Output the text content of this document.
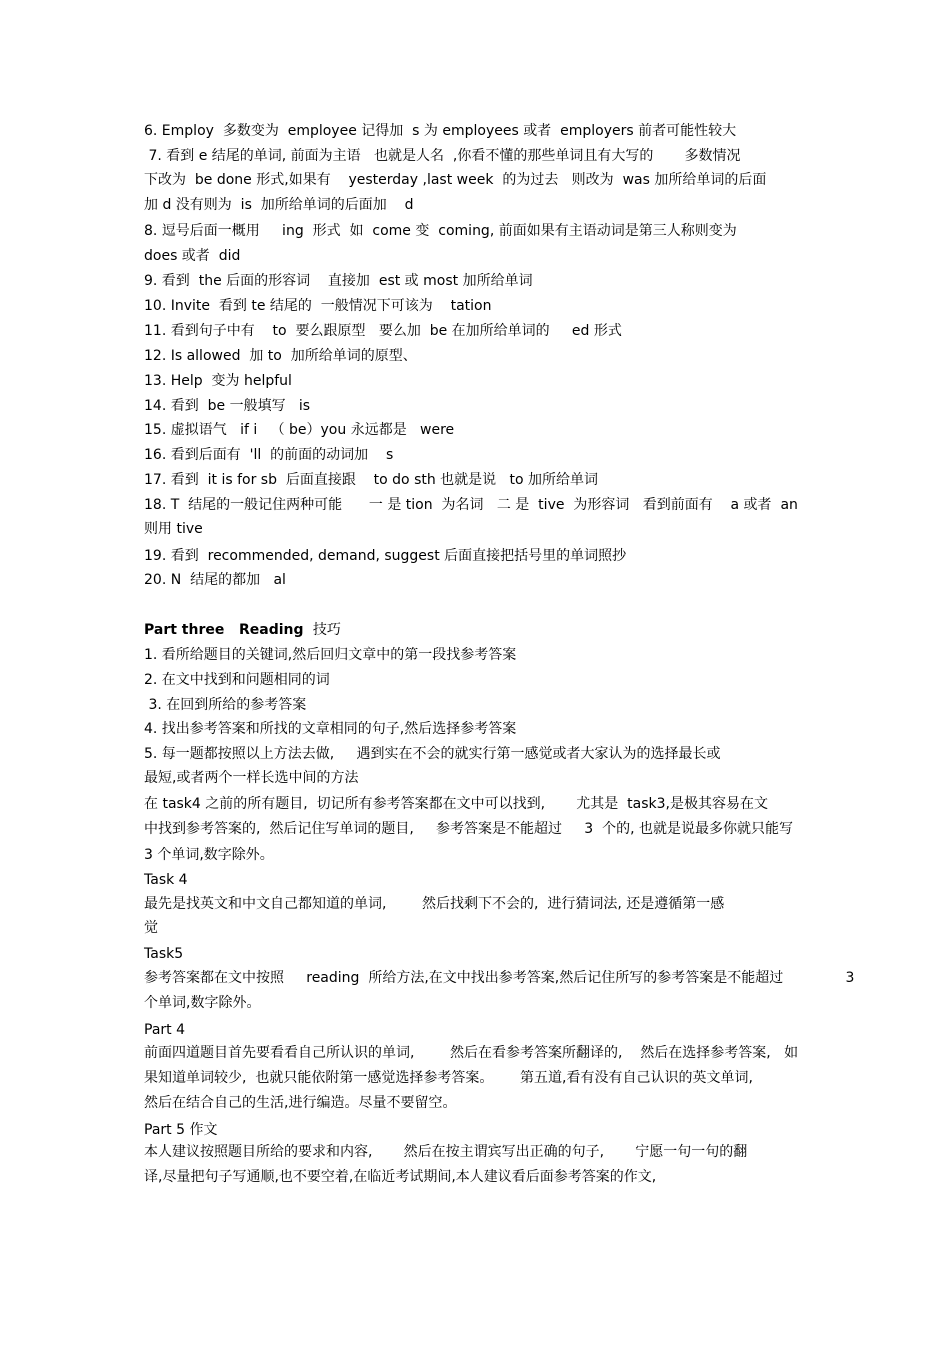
6. Employ  多数变为  employee 记得加  s 为 employees 或者  employers 前者可能性较大
7. 看到 e 结尾的单词, 前面为主语   也就是人名  ,你看不懂的那些单词且有大写的       多数情况
下改为  be done 形式,如果有    yesterday ,last week  的为过去   则改为  was 加所给单词的后面
加 d 没有则为  is  加所给单词的后面加    d
8. 逗号后面一概用     ing  形式  如  come 变  coming, 前面如果有主语动词是第三人称则变为
does 或者  did
9. 看到  the 后面的形容词    直接加  est 或 most 加所给单词
10. Invite  看到 te 结尾的  一般情况下可该为    tation
11. 看到句子中有    to  要么跟原型   要么加  be 在加所给单词的     ed 形式
12. Is allowed  加 to  加所给单词的原型、
13. Help  变为 helpful
14. 看到  be 一般填写   is
15. 虚拟语气   if i   （ be）you 永远都是   were
16. 看到后面有  'll  的前面的动词加    s
17. 看到  it is for sb  后面直接跟    to do sth 也就是说   to 加所给单词
18. T  结尾的一般记住两种可能      一 是 tion  为名词   二 是  tive  为形容词   看到前面有    a 或者  an
则用 tive
19. 看到  recommended, demand, suggest 后面直接把括号里的单词照抄
20. N  结尾的都加   al
Part three   Reading  技巧
1. 看所给题目的关键词,然后回归文章中的第一段找参考答案
2. 在文中找到和问题相同的词
3. 在回到所给的参考答案
4. 找出参考答案和所找的文章相同的句子,然后选择参考答案
5. 每一题都按照以上方法去做,     遇到实在不会的就实行第一感觉或者大家认为的选择最长或
最短,或者两个一样长选中间的方法
在 task4 之前的所有题目,  切记所有参考答案都在文中可以找到,       尤其是  task3,是极其容易在文
中找到参考答案的,  然后记住写单词的题目,     参考答案是不能超过     3  个的, 也就是说最多你就只能写
3 个单词,数字除外。
Task 4
最先是找英文和中文自己都知道的单词,        然后找剩下不会的,  进行猜词法, 还是遵循第一感
觉
Task5
参考答案都在文中按照     reading  所给方法,在文中找出参考答案,然后记住所写的参考答案是不能超过              3
个单词,数字除外。
Part 4
前面四道题目首先要看看自己所认识的单词,        然后在看参考答案所翻译的,    然后在选择参考答案,   如
果知道单词较少,  也就只能依附第一感觉选择参考答案。      第五道,看有没有自己认识的英文单词,
然后在结合自己的生活,进行编造。尽量不要留空。
Part 5 作文
本人建议按照题目所给的要求和内容,       然后在按主谓宾写出正确的句子,       宁愿一句一句的翻
译,尽量把句子写通顺,也不要空着,在临近考试期间,本人建议看后面参考答案的作文,
